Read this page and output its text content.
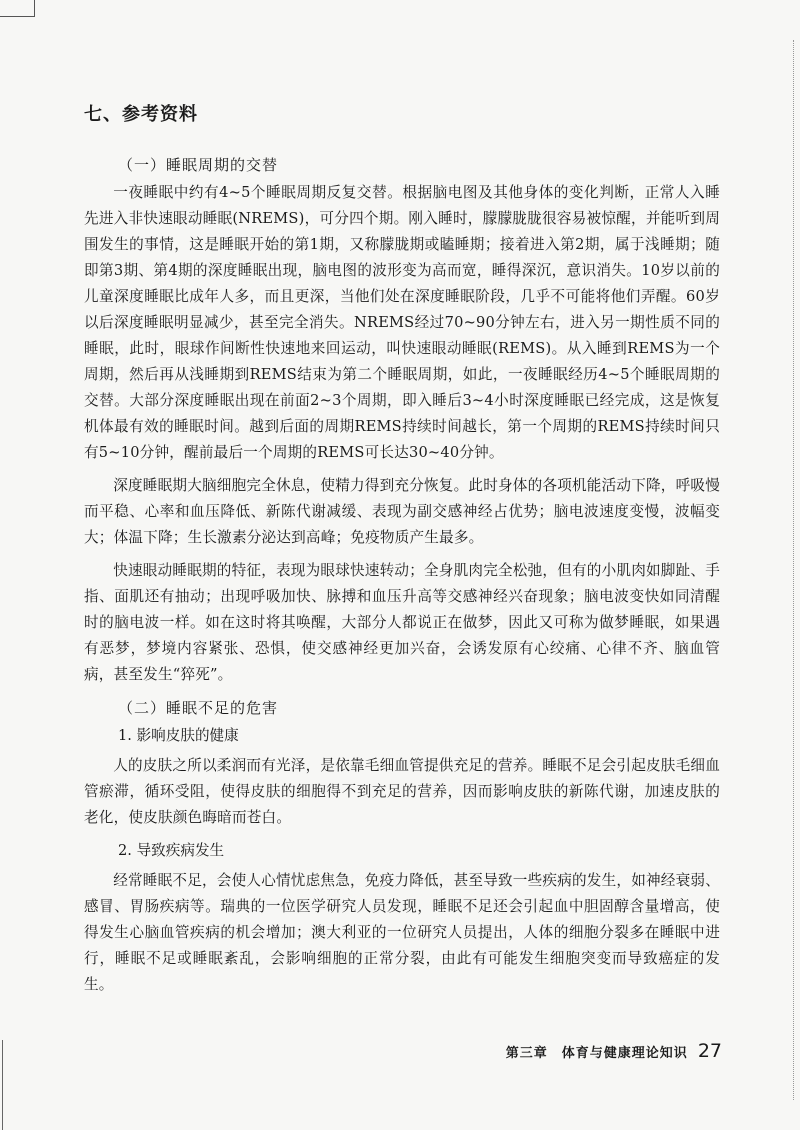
七、参考资料
（一）睡眠周期的交替

一夜睡眠中约有4~5个睡眠周期反复交替。根据脑电图及其他身体的变化判断，正常人入睡先进入非快速眼动睡眠(NREMS)，可分四个期。刚入睡时，朦朦胧胧很容易被惊醒，并能听到周围发生的事情，这是睡眠开始的第1期，又称朦胧期或瞌睡期；接着进入第2期，属于浅睡期；随即第3期、第4期的深度睡眠出现，脑电图的波形变为高而宽，睡得深沉，意识消失。10岁以前的儿童深度睡眠比成年人多，而且更深，当他们处在深度睡眠阶段，几乎不可能将他们弄醒。60岁以后深度睡眠明显减少，甚至完全消失。NREMS经过70~90分钟左右，进入另一期性质不同的睡眠，此时，眼球作间断性快速地来回运动，叫快速眼动睡眠(REMS)。从入睡到REMS为一个周期，然后再从浅睡期到REMS结束为第二个睡眠周期，如此，一夜睡眠经历4~5个睡眠周期的交替。大部分深度睡眠出现在前面2~3个周期，即入睡后3~4小时深度睡眠已经完成，这是恢复机体最有效的睡眠时间。越到后面的周期REMS持续时间越长，第一个周期的REMS持续时间只有5~10分钟，醒前最后一个周期的REMS可长达30~40分钟。

深度睡眠期大脑细胞完全休息，使精力得到充分恢复。此时身体的各项机能活动下降，呼吸慢而平稳、心率和血压降低、新陈代谢减缓、表现为副交感神经占优势；脑电波速度变慢，波幅变大；体温下降；生长激素分泌达到高峰；免疫物质产生最多。

快速眼动睡眠期的特征，表现为眼球快速转动；全身肌肉完全松弛，但有的小肌肉如脚趾、手指、面肌还有抽动；出现呼吸加快、脉搏和血压升高等交感神经兴奋现象；脑电波变快如同清醒时的脑电波一样。如在这时将其唤醒，大部分人都说正在做梦，因此又可称为做梦睡眠，如果遇有恶梦，梦境内容紧张、恐惧，使交感神经更加兴奋，会诱发原有心绞痛、心律不齐、脑血管病，甚至发生“猝死”。

（二）睡眠不足的危害
1. 影响皮肤的健康

人的皮肤之所以柔润而有光泽，是依靠毛细血管提供充足的营养。睡眠不足会引起皮肤毛细血管瘀滞，循环受阻，使得皮肤的细胞得不到充足的营养，因而影响皮肤的新陈代谢，加速皮肤的老化，使皮肤颜色晦暗而苍白。

2. 导致疾病发生

经常睡眠不足，会使人心情忧虑焦急，免疫力降低，甚至导致一些疾病的发生，如神经衰弱、感冒、胃肠疾病等。瑞典的一位医学研究人员发现，睡眠不足还会引起血中胆固醇含量增高，使得发生心脑血管疾病的机会增加；澳大利亚的一位研究人员提出，人体的细胞分裂多在睡眠中进行，睡眠不足或睡眠紊乱，会影响细胞的正常分裂，由此有可能发生细胞突变而导致癌症的发生。

第三章　体育与健康理论知识 27
